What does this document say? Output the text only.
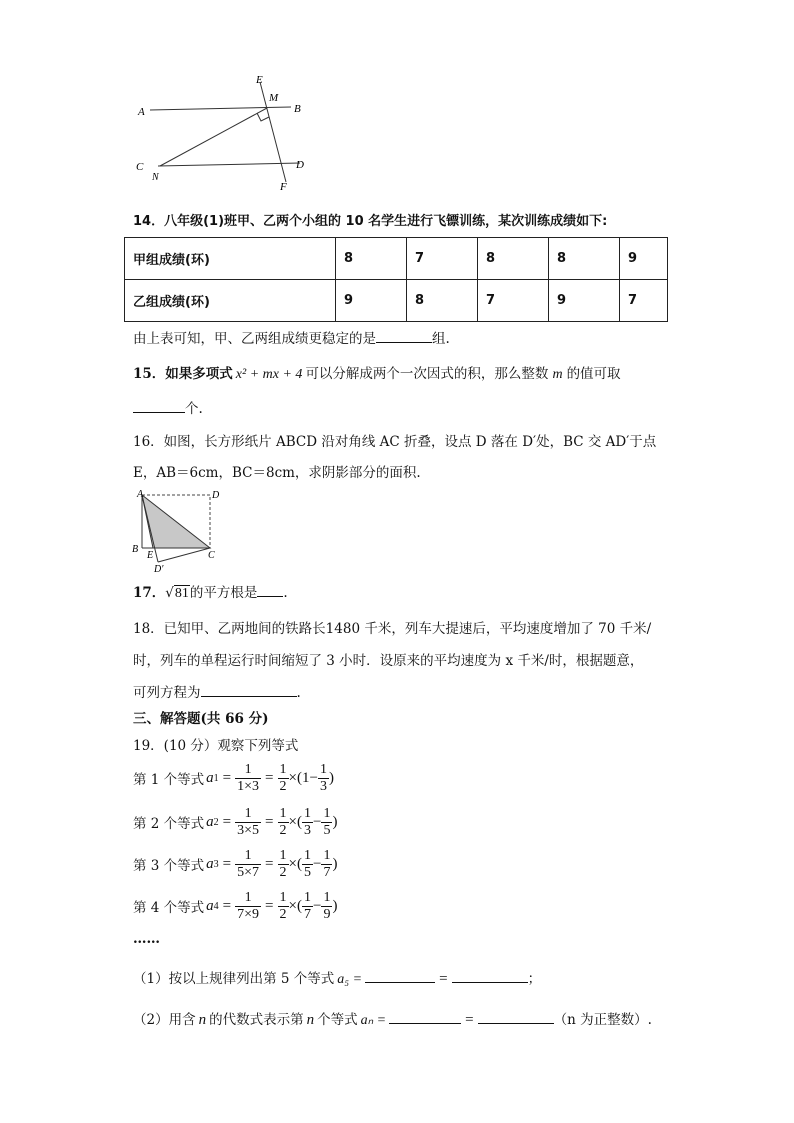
E
M
A	B
C
N
D
F
14．八年级(1)班甲、乙两个小组的 10 名学生进行飞镖训练，某次训练成绩如下:
甲组成绩(环)	8	7	8	8	9
乙组成绩(环)	9	8	7	9	7
由上表可知，甲、乙两组成绩更稳定的是	组.
15．如果多项式 x² + mx + 4 可以分解成两个一次因式的积，那么整数 m 的值可取
个.
16．如图，长方形纸片 ABCD 沿对角线 AC 折叠，设点 D 落在 D′处，BC 交 AD′于点
E，AB＝6cm，BC＝8cm，求阴影部分的面积.
A	D
B
E	C
D′
17．√81的平方根是 .
18．已知甲、乙两地间的铁路长1480 千米，列车大提速后，平均速度增加了 70 千米/
时，列车的单程运行时间缩短了 3 小时．设原来的平均速度为 x 千米/时，根据题意，
可列方程为	.
三、解答题(共 66 分)
19．(10 分）观察下列等式
第 1 个等式 a $1 = \frac{1}{1\times 3} = \frac{1}{2}$ ×( $1 - \frac{1}{3}$ )
第 2 个等式 a $2 = \frac{1}{3\times 5} = \frac{1}{2}$ ×( $\frac{1}{3} - \frac{1}{5}$ )
第 3 个等式 a $3 = \frac{1}{5\times 7} = \frac{1}{2}$ ×( $\frac{1}{5} - \frac{1}{7}$ )
第 4 个等式 a $4 = \frac{1}{7\times 9} = \frac{1}{2}$ ×( $\frac{1}{7} - \frac{1}{9}$ )
……
（1）按以上规律列出第 5 个等式 a₅ =	=	；
（2）用含 n 的代数式表示第 n 个等式 aₙ =	=	（n 为正整数）.
